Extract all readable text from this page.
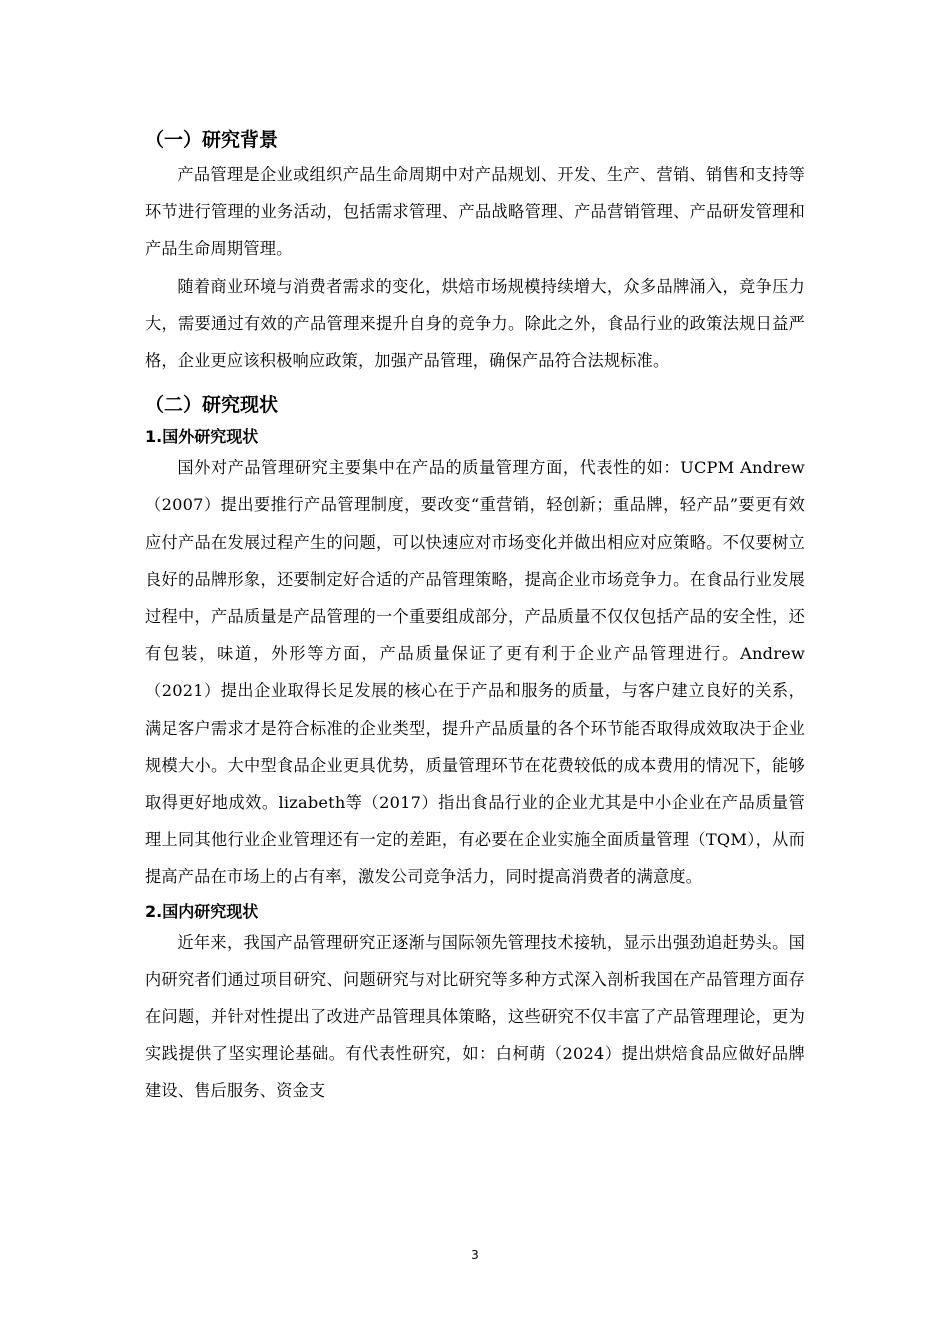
（一）研究背景

产品管理是企业或组织产品生命周期中对产品规划、开发、生产、营销、销售和支持等环节进行管理的业务活动，包括需求管理、产品战略管理、产品营销管理、产品研发管理和产品生命周期管理。

随着商业环境与消费者需求的变化，烘焙市场规模持续增大，众多品牌涌入，竞争压力大，需要通过有效的产品管理来提升自身的竞争力。除此之外，食品行业的政策法规日益严格，企业更应该积极响应政策，加强产品管理，确保产品符合法规标准。

（二）研究现状
1.国外研究现状

国外对产品管理研究主要集中在产品的质量管理方面，代表性的如：UCPM Andrew（2007）提出要推行产品管理制度，要改变“重营销，轻创新；重品牌，轻产品”要更有效应付产品在发展过程产生的问题，可以快速应对市场变化并做出相应对应策略。不仅要树立良好的品牌形象，还要制定好合适的产品管理策略，提高企业市场竞争力。在食品行业发展过程中，产品质量是产品管理的一个重要组成部分，产品质量不仅仅包括产品的安全性，还有包装，味道，外形等方面，产品质量保证了更有利于企业产品管理进行。Andrew（2021）提出企业取得长足发展的核心在于产品和服务的质量，与客户建立良好的关系，满足客户需求才是符合标准的企业类型，提升产品质量的各个环节能否取得成效取决于企业规模大小。大中型食品企业更具优势，质量管理环节在花费较低的成本费用的情况下，能够取得更好地成效。lizabeth等（2017）指出食品行业的企业尤其是中小企业在产品质量管理上同其他行业企业管理还有一定的差距，有必要在企业实施全面质量管理（TQM），从而提高产品在市场上的占有率，激发公司竞争活力，同时提高消费者的满意度。

2.国内研究现状

近年来，我国产品管理研究正逐渐与国际领先管理技术接轨，显示出强劲追赶势头。国内研究者们通过项目研究、问题研究与对比研究等多种方式深入剖析我国在产品管理方面存在问题，并针对性提出了改进产品管理具体策略，这些研究不仅丰富了产品管理理论，更为实践提供了坚实理论基础。有代表性研究，如：白柯萌（2024）提出烘焙食品应做好品牌建设、售后服务、资金支

3
